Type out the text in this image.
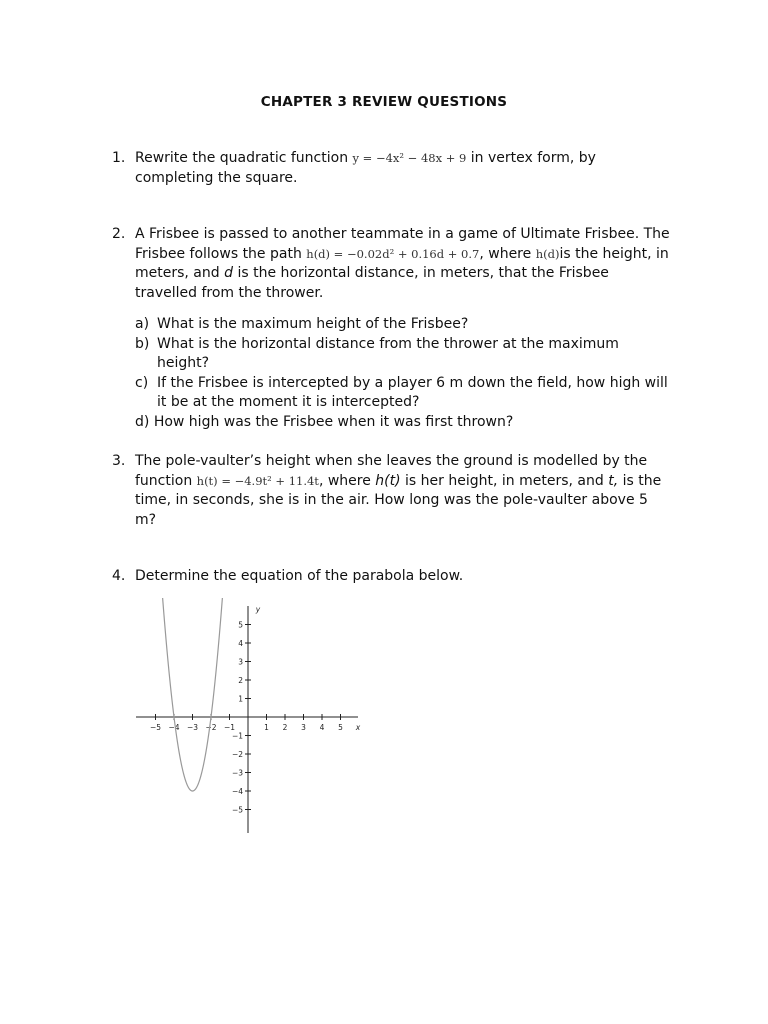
CHAPTER 3 REVIEW QUESTIONS
1. Rewrite the quadratic function y = −4x² − 48x + 9 in vertex form, by completing the square.
2. A Frisbee is passed to another teammate in a game of Ultimate Frisbee. The Frisbee follows the path h(d) = −0.02d² + 0.16d + 0.7, where h(d)is the height, in meters, and d is the horizontal distance, in meters, that the Frisbee travelled from the thrower.
a) What is the maximum height of the Frisbee?
b) What is the horizontal distance from the thrower at the maximum height?
c) If the Frisbee is intercepted by a player 6 m down the field, how high will it be at the moment it is intercepted?
d) How high was the Frisbee when it was first thrown?
3. The pole-vaulter’s height when she leaves the ground is modelled by the function h(t) = −4.9t² + 11.4t, where h(t) is her height, in meters, and t, is the time, in seconds, she is in the air. How long was the pole-vaulter above 5 m?
4. Determine the equation of the parabola below.
−5 −4 −3 −2 −1	1 2 3 4 5
−5
−4
−3
−2
−1
1
2
3
4
5
x
y
